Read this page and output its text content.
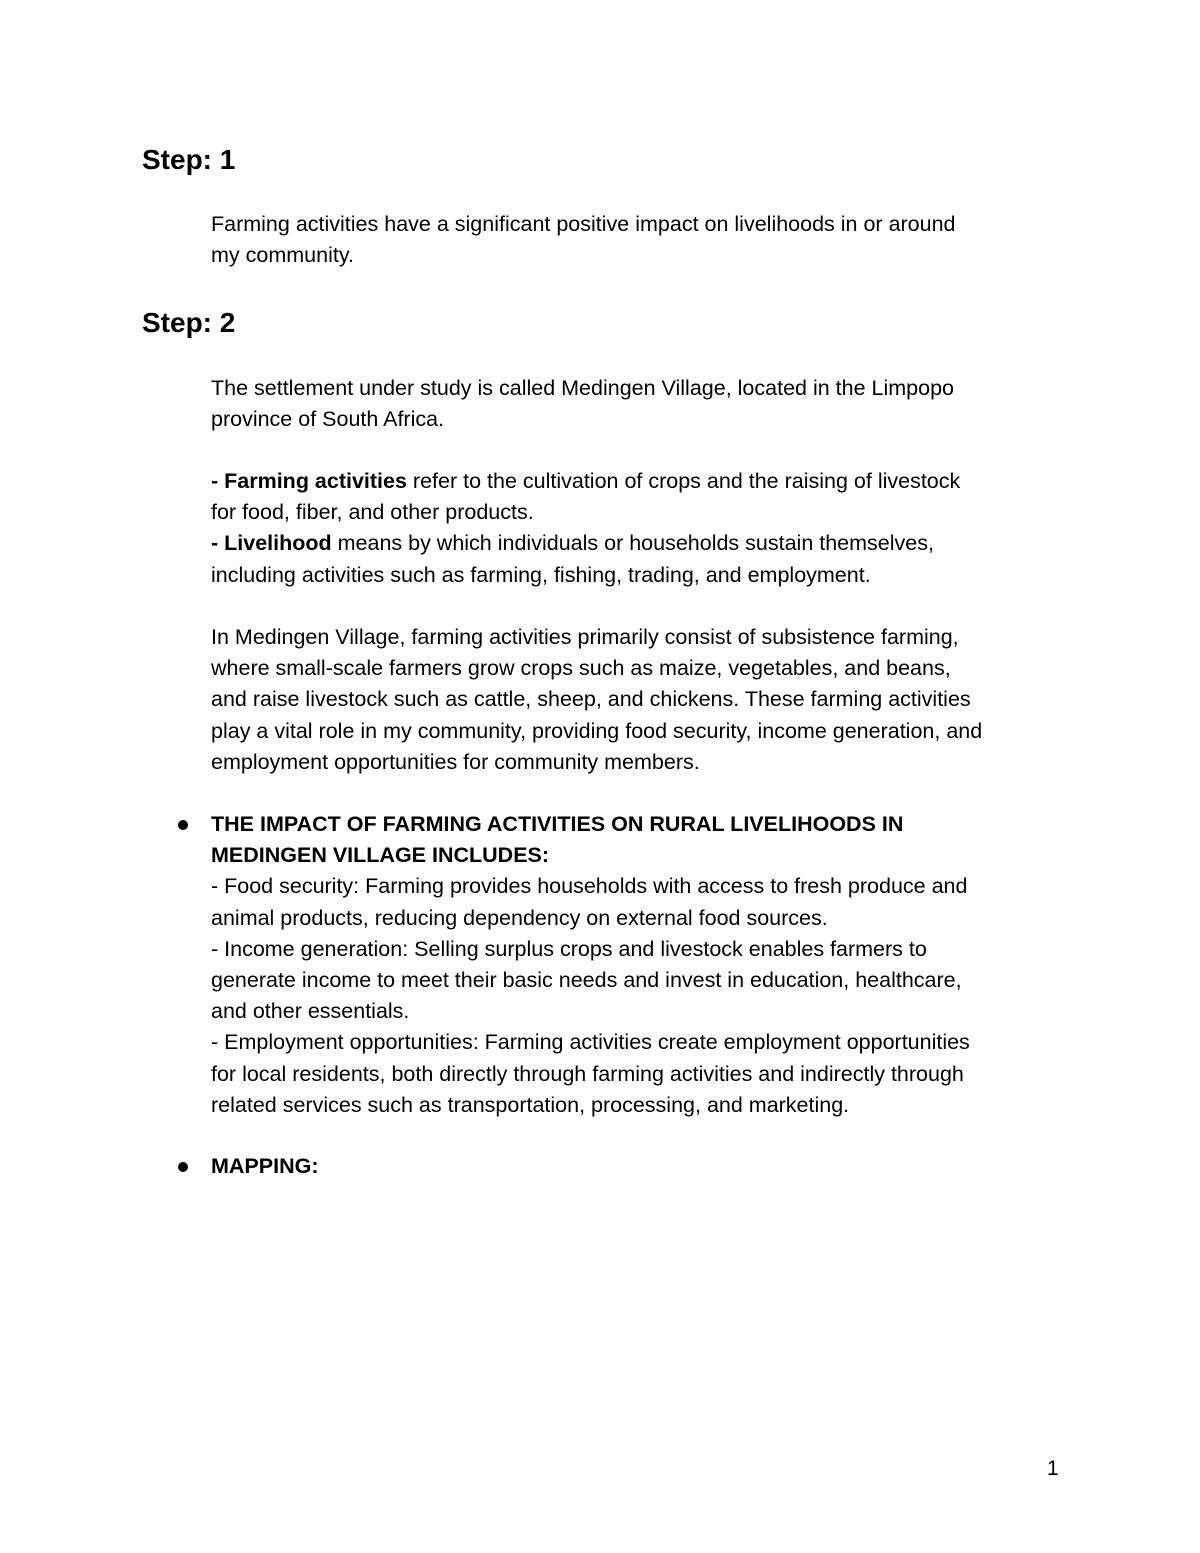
Step: 1
Farming activities have a significant positive impact on livelihoods in or around
my community.
Step: 2
The settlement under study is called Medingen Village, located in the Limpopo
province of South Africa.
- Farming activities refer to the cultivation of crops and the raising of livestock
for food, fiber, and other products.
- Livelihood means by which individuals or households sustain themselves,
including activities such as farming, fishing, trading, and employment.
In Medingen Village, farming activities primarily consist of subsistence farming,
where small-scale farmers grow crops such as maize, vegetables, and beans,
and raise livestock such as cattle, sheep, and chickens. These farming activities
play a vital role in my community, providing food security, income generation, and
employment opportunities for community members.
THE IMPACT OF FARMING ACTIVITIES ON RURAL LIVELIHOODS IN
MEDINGEN VILLAGE INCLUDES:
- Food security: Farming provides households with access to fresh produce and
animal products, reducing dependency on external food sources.
- Income generation: Selling surplus crops and livestock enables farmers to
generate income to meet their basic needs and invest in education, healthcare,
and other essentials.
- Employment opportunities: Farming activities create employment opportunities
for local residents, both directly through farming activities and indirectly through
related services such as transportation, processing, and marketing.
MAPPING:
1
